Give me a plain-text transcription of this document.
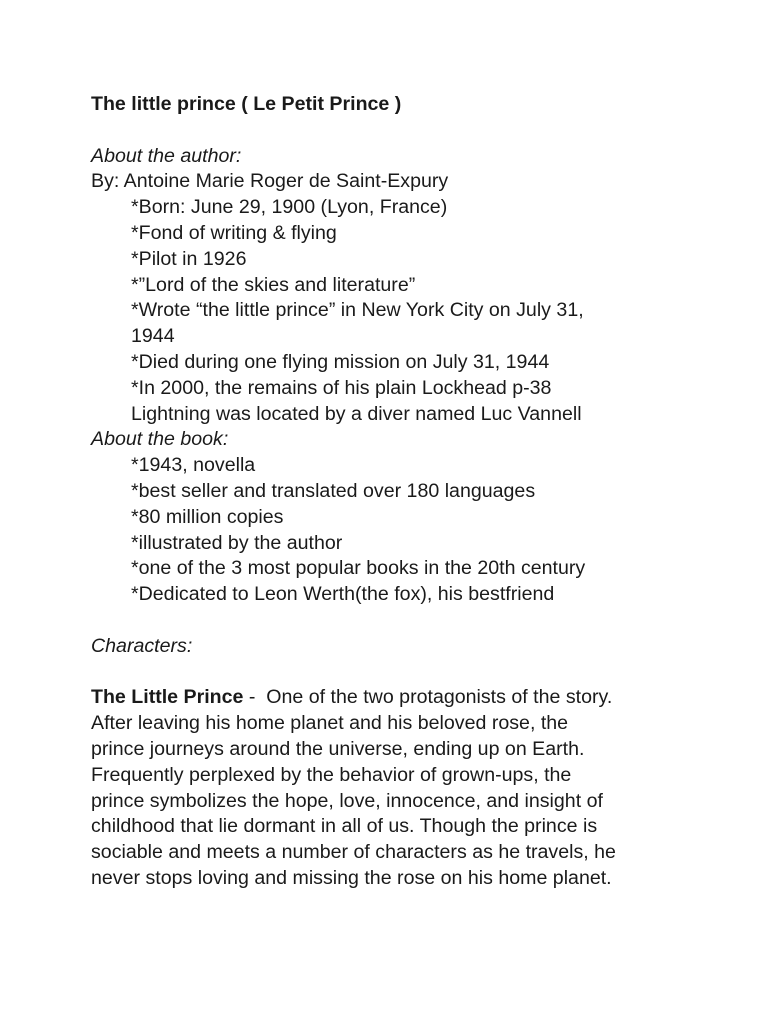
The little prince ( Le Petit Prince )
About the author:
By: Antoine Marie Roger de Saint-Expury
*Born: June 29, 1900 (Lyon, France)
*Fond of writing & flying
*Pilot in 1926
*”Lord of the skies and literature”
*Wrote “the little prince” in New York City on July 31,
1944
*Died during one flying mission on July 31, 1944
*In 2000, the remains of his plain Lockhead p-38
Lightning was located by a diver named Luc Vannell
About the book:
*1943, novella
*best seller and translated over 180 languages
*80 million copies
*illustrated by the author
*one of the 3 most popular books in the 20th century
*Dedicated to Leon Werth(the fox), his bestfriend
Characters:
The Little Prince -  One of the two protagonists of the story.
After leaving his home planet and his beloved rose, the
prince journeys around the universe, ending up on Earth.
Frequently perplexed by the behavior of grown-ups, the
prince symbolizes the hope, love, innocence, and insight of
childhood that lie dormant in all of us. Though the prince is
sociable and meets a number of characters as he travels, he
never stops loving and missing the rose on his home planet.
